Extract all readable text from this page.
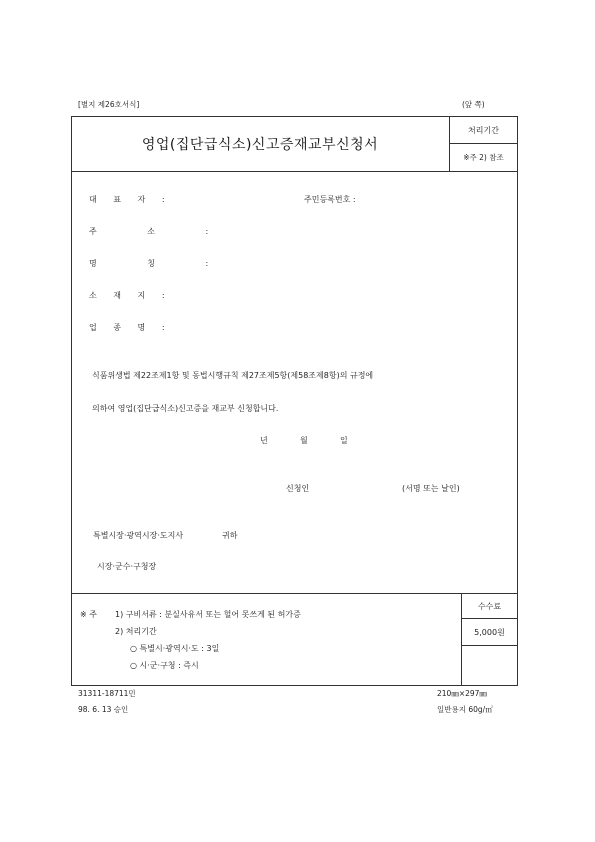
[별지 제26호서식]	(앞 쪽)
영업(집단급식소)신고증재교부신청서
처리기간
※주 2) 참조
대 표 자 :	주민등록번호 :
주 소 :
명 칭 :
소 재 지 :
업 종 명 :
식품위생법 제22조제1항 및 동법시행규칙 제27조제5항(제58조제8항)의 규정에
의하여 영업(집단급식소)신고증을 재교부 신청합니다.
년	월	일
신청인	(서명 또는 날인)
특별시장·광역시장·도지사	귀하
시장·군수·구청장
※ 주 1) 구비서류 : 분실사유서 또는 헐어 못쓰게 된 허가증
2) 처리기간
○ 특별시·광역시·도 : 3일
○ 시·군·구청 : 즉시
수수료
5,000원
31311-18711민	210㎜×297㎜
98. 6. 13 승인	일반용지 60g/㎡
